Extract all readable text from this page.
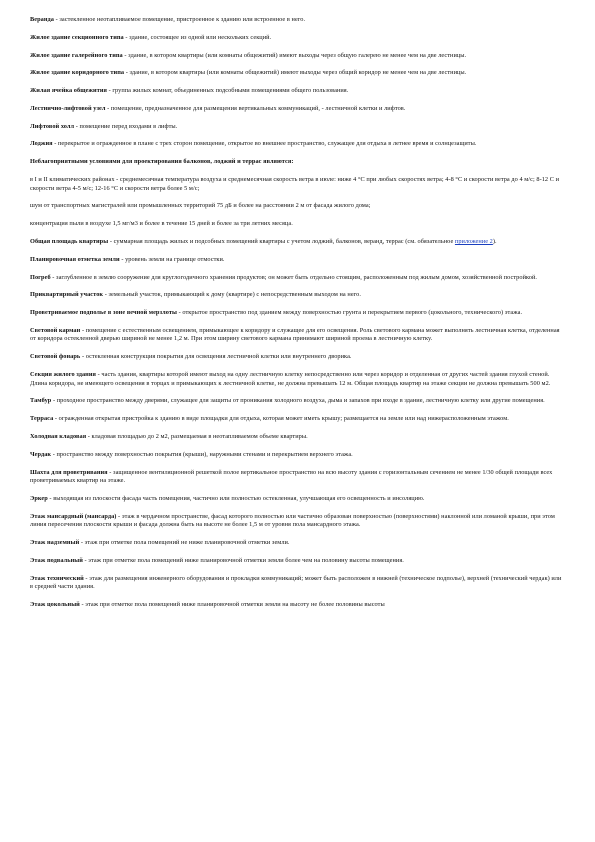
Веранда - застекленное неотапливаемое помещение, пристроенное к зданию или встроенное в него.

Жилое здание секционного типа - здание, состоящее из одной или нескольких секций.

Жилое здание галерейного типа - здание, в котором квартиры (или комнаты общежитий) имеют выходы через общую галерею не менее чем на две лестницы.

Жилое здание коридорного типа - здание, в котором квартиры (или комнаты общежитий) имеют выходы через общий коридор не менее чем на две лестницы.

Жилая ячейка общежития - группа жилых комнат, объединенных подсобными помещениями общего пользования.

Лестнично-лифтовой узел - помещение, предназначенное для размещения вертикальных коммуникаций, - лестничной клетки и лифтов.

Лифтовой холл - помещение перед входами в лифты.

Лоджия - перекрытое и огражденное в плане с трех сторон помещение, открытое во внешнее пространство, служащее для отдыха в летнее время и солнцезащиты.

Неблагоприятными условиями для проектирования балконов, лоджий и террас являются:

в I и II климатических районах - среднемесячная температура воздуха и среднемесячная скорость ветра в июле: ниже 4 °С при любых скоростях ветра; 4-8 °С и скорости ветра до 4 м/с; 8-12 С и скорости ветра 4-5 м/с; 12-16 °С и скорости ветра более 5 м/с;

шум от транспортных магистралей или промышленных территорий 75 дБ и более на расстоянии 2 м от фасада жилого дома;

концентрация пыли в воздухе 1,5 мг/м3 и более в течение 15 дней и более за три летних месяца.

Общая площадь квартиры - суммарная площадь жилых и подсобных помещений квартиры с учетом лоджий, балконов, веранд, террас (см. обязательное приложение 2).

Планировочная отметка земли - уровень земли на границе отмостки.

Погреб - заглубленное в землю сооружение для круглогодичного хранения продуктов; он может быть отдельно стоящим, расположенным под жилым домом, хозяйственной постройкой.

Приквартирный участок - земельный участок, примыкающий к дому (квартире) с непосредственным выходом на него.

Проветриваемое подполье в зоне вечной мерзлоты - открытое пространство под зданием между поверхностью грунта и перекрытием первого (цокольного, технического) этажа.

Световой карман - помещение с естественным освещением, примыкающее к коридору и служащее для его освещения. Роль светового кармана может выполнять лестничная клетка, отделенная от коридора остекленной дверью шириной не менее 1,2 м. При этом ширину светового кармана принимают шириной проема в лестничную клетку.

Световой фонарь - остекленная конструкция покрытия для освещения лестничной клетки или внутреннего дворика.

Секция жилого здания - часть здания, квартиры которой имеют выход на одну лестничную клетку непосредственно или через коридор и отделенная от других частей здания глухой стеной. Длина коридора, не имеющего освещения в торцах и примыкающих к лестничной клетке, не должна превышать 12 м. Общая площадь квартир на этаже секции не должна превышать 500 м2.

Тамбур - проходное пространство между дверями, служащее для защиты от проникания холодного воздуха, дыма и запахов при входе в здание, лестничную клетку или другие помещения.

Терраса - огражденная открытая пристройка к зданию в виде площадки для отдыха, которая может иметь крышу; размещается на земле или над нижерасположенным этажом.

Холодная кладовая - кладовая площадью до 2 м2, размещаемая в неотапливаемом объеме квартиры.

Чердак - пространство между поверхностью покрытия (крыши), наружными стенами и перекрытием верхнего этажа.

Шахта для проветривания - защищенное вентиляционной решеткой полое вертикальное пространство на всю высоту здания с горизонтальным сечением не менее 1/30 общей площади всех проветриваемых квартир на этаже.

Эркер - выходящая из плоскости фасада часть помещения, частично или полностью остекленная, улучшающая его освещенность и инсоляцию.

Этаж мансардный (мансарда) - этаж в чердачном пространстве, фасад которого полностью или частично образован поверхностью (поверхностями) наклонной или ломаной крыши, при этом линия пересечения плоскости крыши и фасада должна быть на высоте не более 1,5 м от уровня пола мансардного этажа.

Этаж надземный - этаж при отметке пола помещений не ниже планировочной отметки земли.

Этаж подвальный - этаж при отметке пола помещений ниже планировочной отметки земли более чем на половину высоты помещения.

Этаж технический - этаж для размещения инженерного оборудования и прокладки коммуникаций; может быть расположен в нижней (техническое подполье), верхней (технический чердак) или в средней части здания.

Этаж цокольный - этаж при отметке пола помещений ниже планировочной отметки земли на высоту не более половины высоты
